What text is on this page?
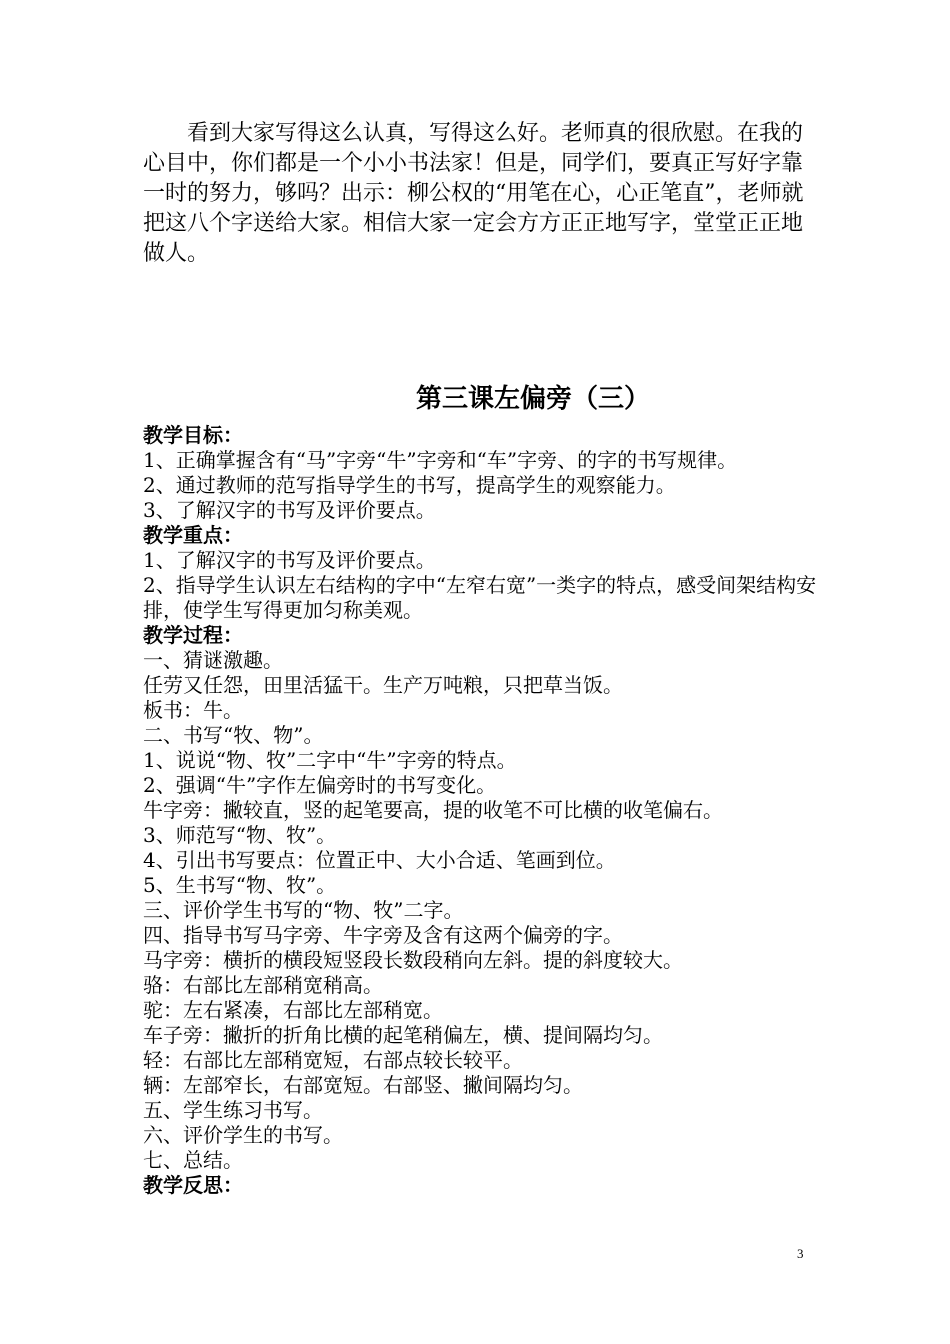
看到大家写得这么认真，写得这么好。老师真的很欣慰。在我的心目中，你们都是一个小小书法家！但是，同学们，要真正写好字靠一时的努力，够吗？出示：柳公权的“用笔在心，心正笔直”，老师就把这八个字送给大家。相信大家一定会方方正正地写字，堂堂正正地做人。

第三课左偏旁（三）

教学目标：

1、正确掌握含有“马”字旁“牛”字旁和“车”字旁、的字的书写规律。

2、通过教师的范写指导学生的书写，提高学生的观察能力。

3、了解汉字的书写及评价要点。

教学重点：

1、了解汉字的书写及评价要点。

2、指导学生认识左右结构的字中“左窄右宽”一类字的特点，感受间架结构安排，使学生写得更加匀称美观。

教学过程：

一、猜谜激趣。

任劳又任怨，田里活猛干。生产万吨粮，只把草当饭。

板书：牛。

二、书写“牧、物”。

1、说说“物、牧”二字中“牛”字旁的特点。

2、强调“牛”字作左偏旁时的书写变化。

牛字旁：撇较直，竖的起笔要高，提的收笔不可比横的收笔偏右。

3、师范写“物、牧”。

4、引出书写要点：位置正中、大小合适、笔画到位。

5、生书写“物、牧”。

三、评价学生书写的“物、牧”二字。

四、指导书写马字旁、牛字旁及含有这两个偏旁的字。

马字旁：横折的横段短竖段长数段稍向左斜。提的斜度较大。

骆：右部比左部稍宽稍高。

驼：左右紧凑，右部比左部稍宽。

车子旁：撇折的折角比横的起笔稍偏左，横、提间隔均匀。

轻：右部比左部稍宽短，右部点较长较平。

辆：左部窄长，右部宽短。右部竖、撇间隔均匀。

五、学生练习书写。

六、评价学生的书写。

七、总结。

教学反思：

3
